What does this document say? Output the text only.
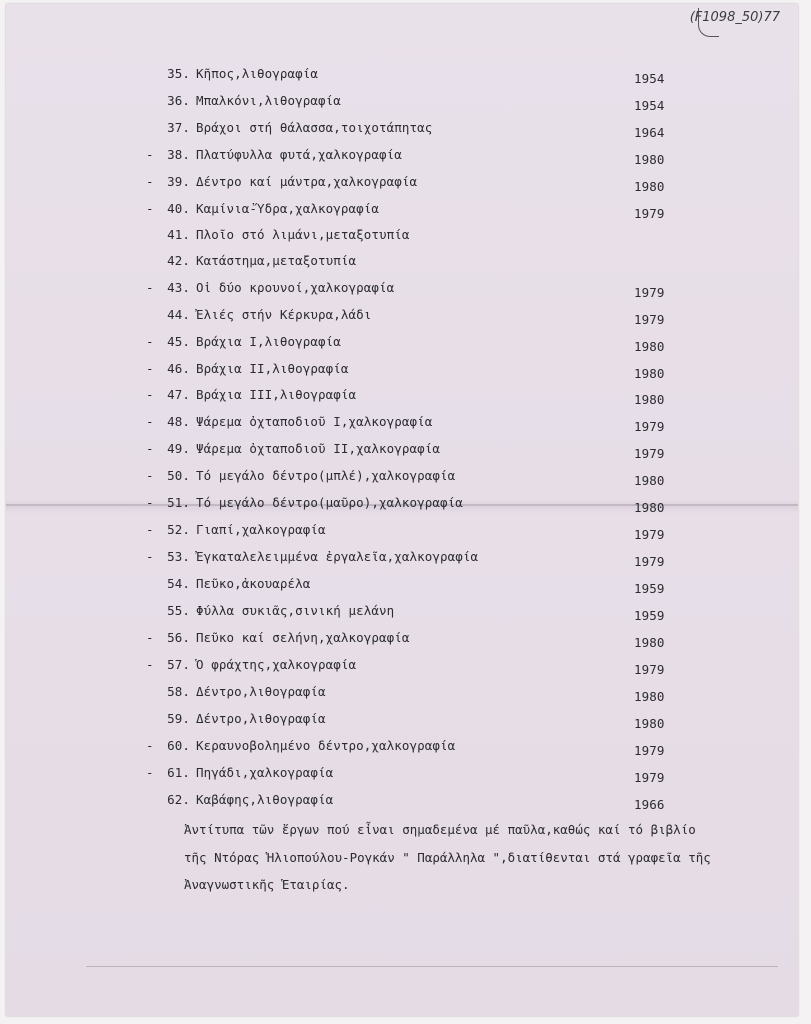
(F1098_50)77
35. Κῆπος,λιθογραφία	1954
36. Μπαλκόνι,λιθογραφία	1954
37. Βράχοι στή θάλασσα,τοιχοτάπητας	1964
-	38. Πλατύφυλλα φυτά,χαλκογραφία	1980
-	39. Δέντρο καί μάντρα,χαλκογραφία	1980
-	40. Καμίνια-Ὕδρα,χαλκογραφία	1979
41. Πλοῖο στό λιμάνι,μεταξοτυπία
42. Κατάστημα,μεταξοτυπία
-	43. Οἱ δύο κρουνοί,χαλκογραφία	1979
44. Ἐλιές στήν Κέρκυρα,λάδι	1979
-	45. Βράχια I,λιθογραφία	1980
-	46. Βράχια II,λιθογραφία	1980
-	47. Βράχια III,λιθογραφία	1980
-	48. Ψάρεμα ὀχταποδιοῦ I,χαλκογραφία	1979
-	49. Ψάρεμα ὀχταποδιοῦ II,χαλκογραφία	1979
-	50. Τό μεγάλο δέντρο(μπλέ),χαλκογραφία	1980
-	51. Τό μεγάλο δέντρο(μαῦρο),χαλκογραφία	1980
-	52. Γιαπί,χαλκογραφία	1979
-	53. Ἐγκαταλελειμμένα ἐργαλεῖα,χαλκογραφία	1979
54. Πεῦκο,ἀκουαρέλα	1959
55. Φύλλα συκιᾶς,σινική μελάνη	1959
-	56. Πεῦκο καί σελήνη,χαλκογραφία	1980
-	57. Ὁ φράχτης,χαλκογραφία	1979
58. Δέντρο,λιθογραφία	1980
59. Δέντρο,λιθογραφία	1980
-	60. Κεραυνοβολημένο δέντρο,χαλκογραφία	1979
-	61. Πηγάδι,χαλκογραφία	1979
62. Καβάφης,λιθογραφία	1966
Ἀντίτυπα τῶν ἔργων πού εἶναι σημαδεμένα μέ παῦλα,καθώς καί τό βιβλίο
τῆς Ντόρας Ἡλιοπούλου-Ρογκάν " Παράλληλα ",διατίθενται στά γραφεῖα τῆς
Ἀναγνωστικῆς Ἑταιρίας.
